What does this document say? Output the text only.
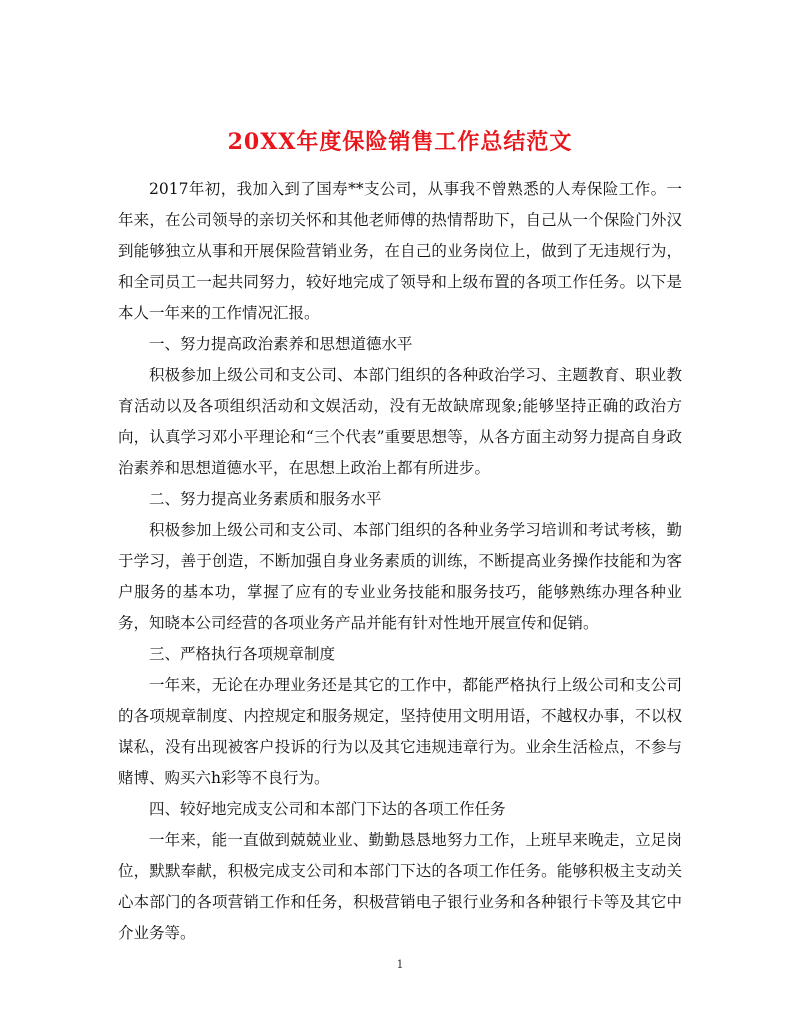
20XX年度保险销售工作总结范文

2017年初，我加入到了国寿**支公司，从事我不曾熟悉的人寿保险工作。一年来，在公司领导的亲切关怀和其他老师傅的热情帮助下，自己从一个保险门外汉到能够独立从事和开展保险营销业务，在自己的业务岗位上，做到了无违规行为，和全司员工一起共同努力，较好地完成了领导和上级布置的各项工作任务。以下是本人一年来的工作情况汇报。

一、努力提高政治素养和思想道德水平

积极参加上级公司和支公司、本部门组织的各种政治学习、主题教育、职业教育活动以及各项组织活动和文娱活动，没有无故缺席现象;能够坚持正确的政治方向，认真学习邓小平理论和“三个代表”重要思想等，从各方面主动努力提高自身政治素养和思想道德水平，在思想上政治上都有所进步。

二、努力提高业务素质和服务水平

积极参加上级公司和支公司、本部门组织的各种业务学习培训和考试考核，勤于学习，善于创造，不断加强自身业务素质的训练，不断提高业务操作技能和为客户服务的基本功，掌握了应有的专业业务技能和服务技巧，能够熟练办理各种业务，知晓本公司经营的各项业务产品并能有针对性地开展宣传和促销。

三、严格执行各项规章制度

一年来，无论在办理业务还是其它的工作中，都能严格执行上级公司和支公司的各项规章制度、内控规定和服务规定，坚持使用文明用语，不越权办事，不以权谋私，没有出现被客户投诉的行为以及其它违规违章行为。业余生活检点，不参与赌博、购买六h彩等不良行为。

四、较好地完成支公司和本部门下达的各项工作任务

一年来，能一直做到兢兢业业、勤勤恳恳地努力工作，上班早来晚走，立足岗位，默默奉献，积极完成支公司和本部门下达的各项工作任务。能够积极主支动关心本部门的各项营销工作和任务，积极营销电子银行业务和各种银行卡等及其它中介业务等。

1
